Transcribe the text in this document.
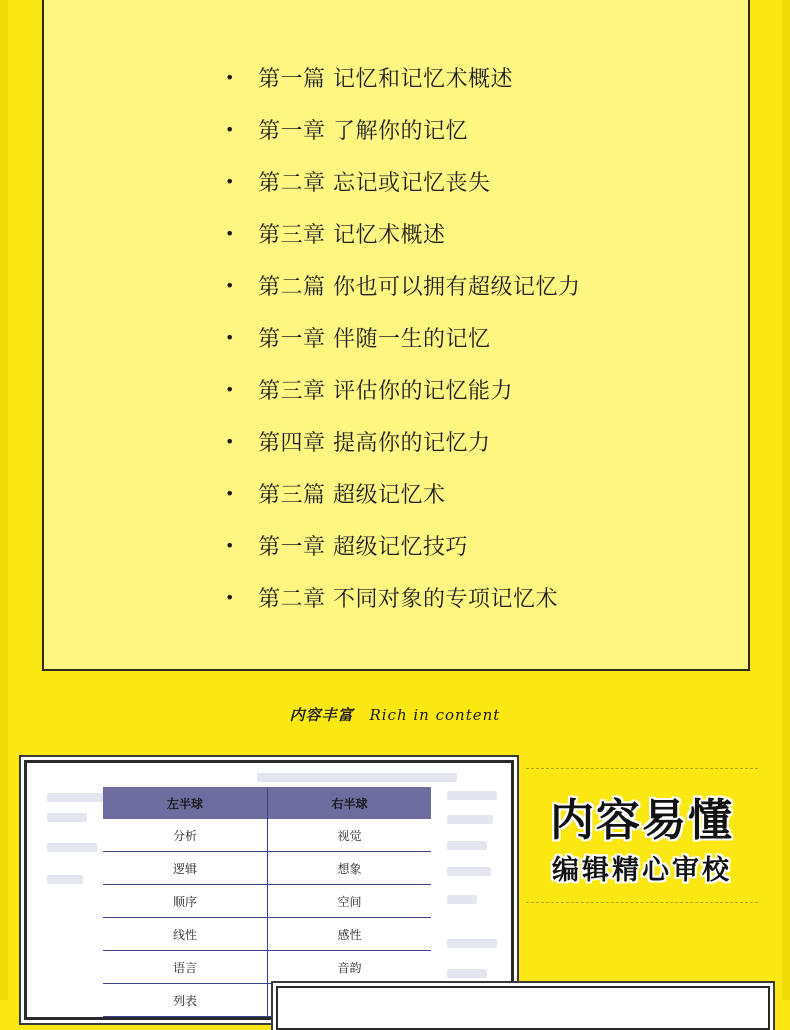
• 第一篇 记忆和记忆术概述
• 第一章 了解你的记忆
• 第二章 忘记或记忆丧失
• 第三章 记忆术概述
• 第二篇 你也可以拥有超级记忆力
• 第一章 伴随一生的记忆
• 第三章 评估你的记忆能力
• 第四章 提高你的记忆力
• 第三篇 超级记忆术
• 第一章 超级记忆技巧
• 第二章 不同对象的专项记忆术
内容丰富 Rich in content
左半球	右半球
分析	视觉
逻辑	想象
顺序	空间
线性	感性
语言	音韵
列表	
内容易懂
编辑精心审校
